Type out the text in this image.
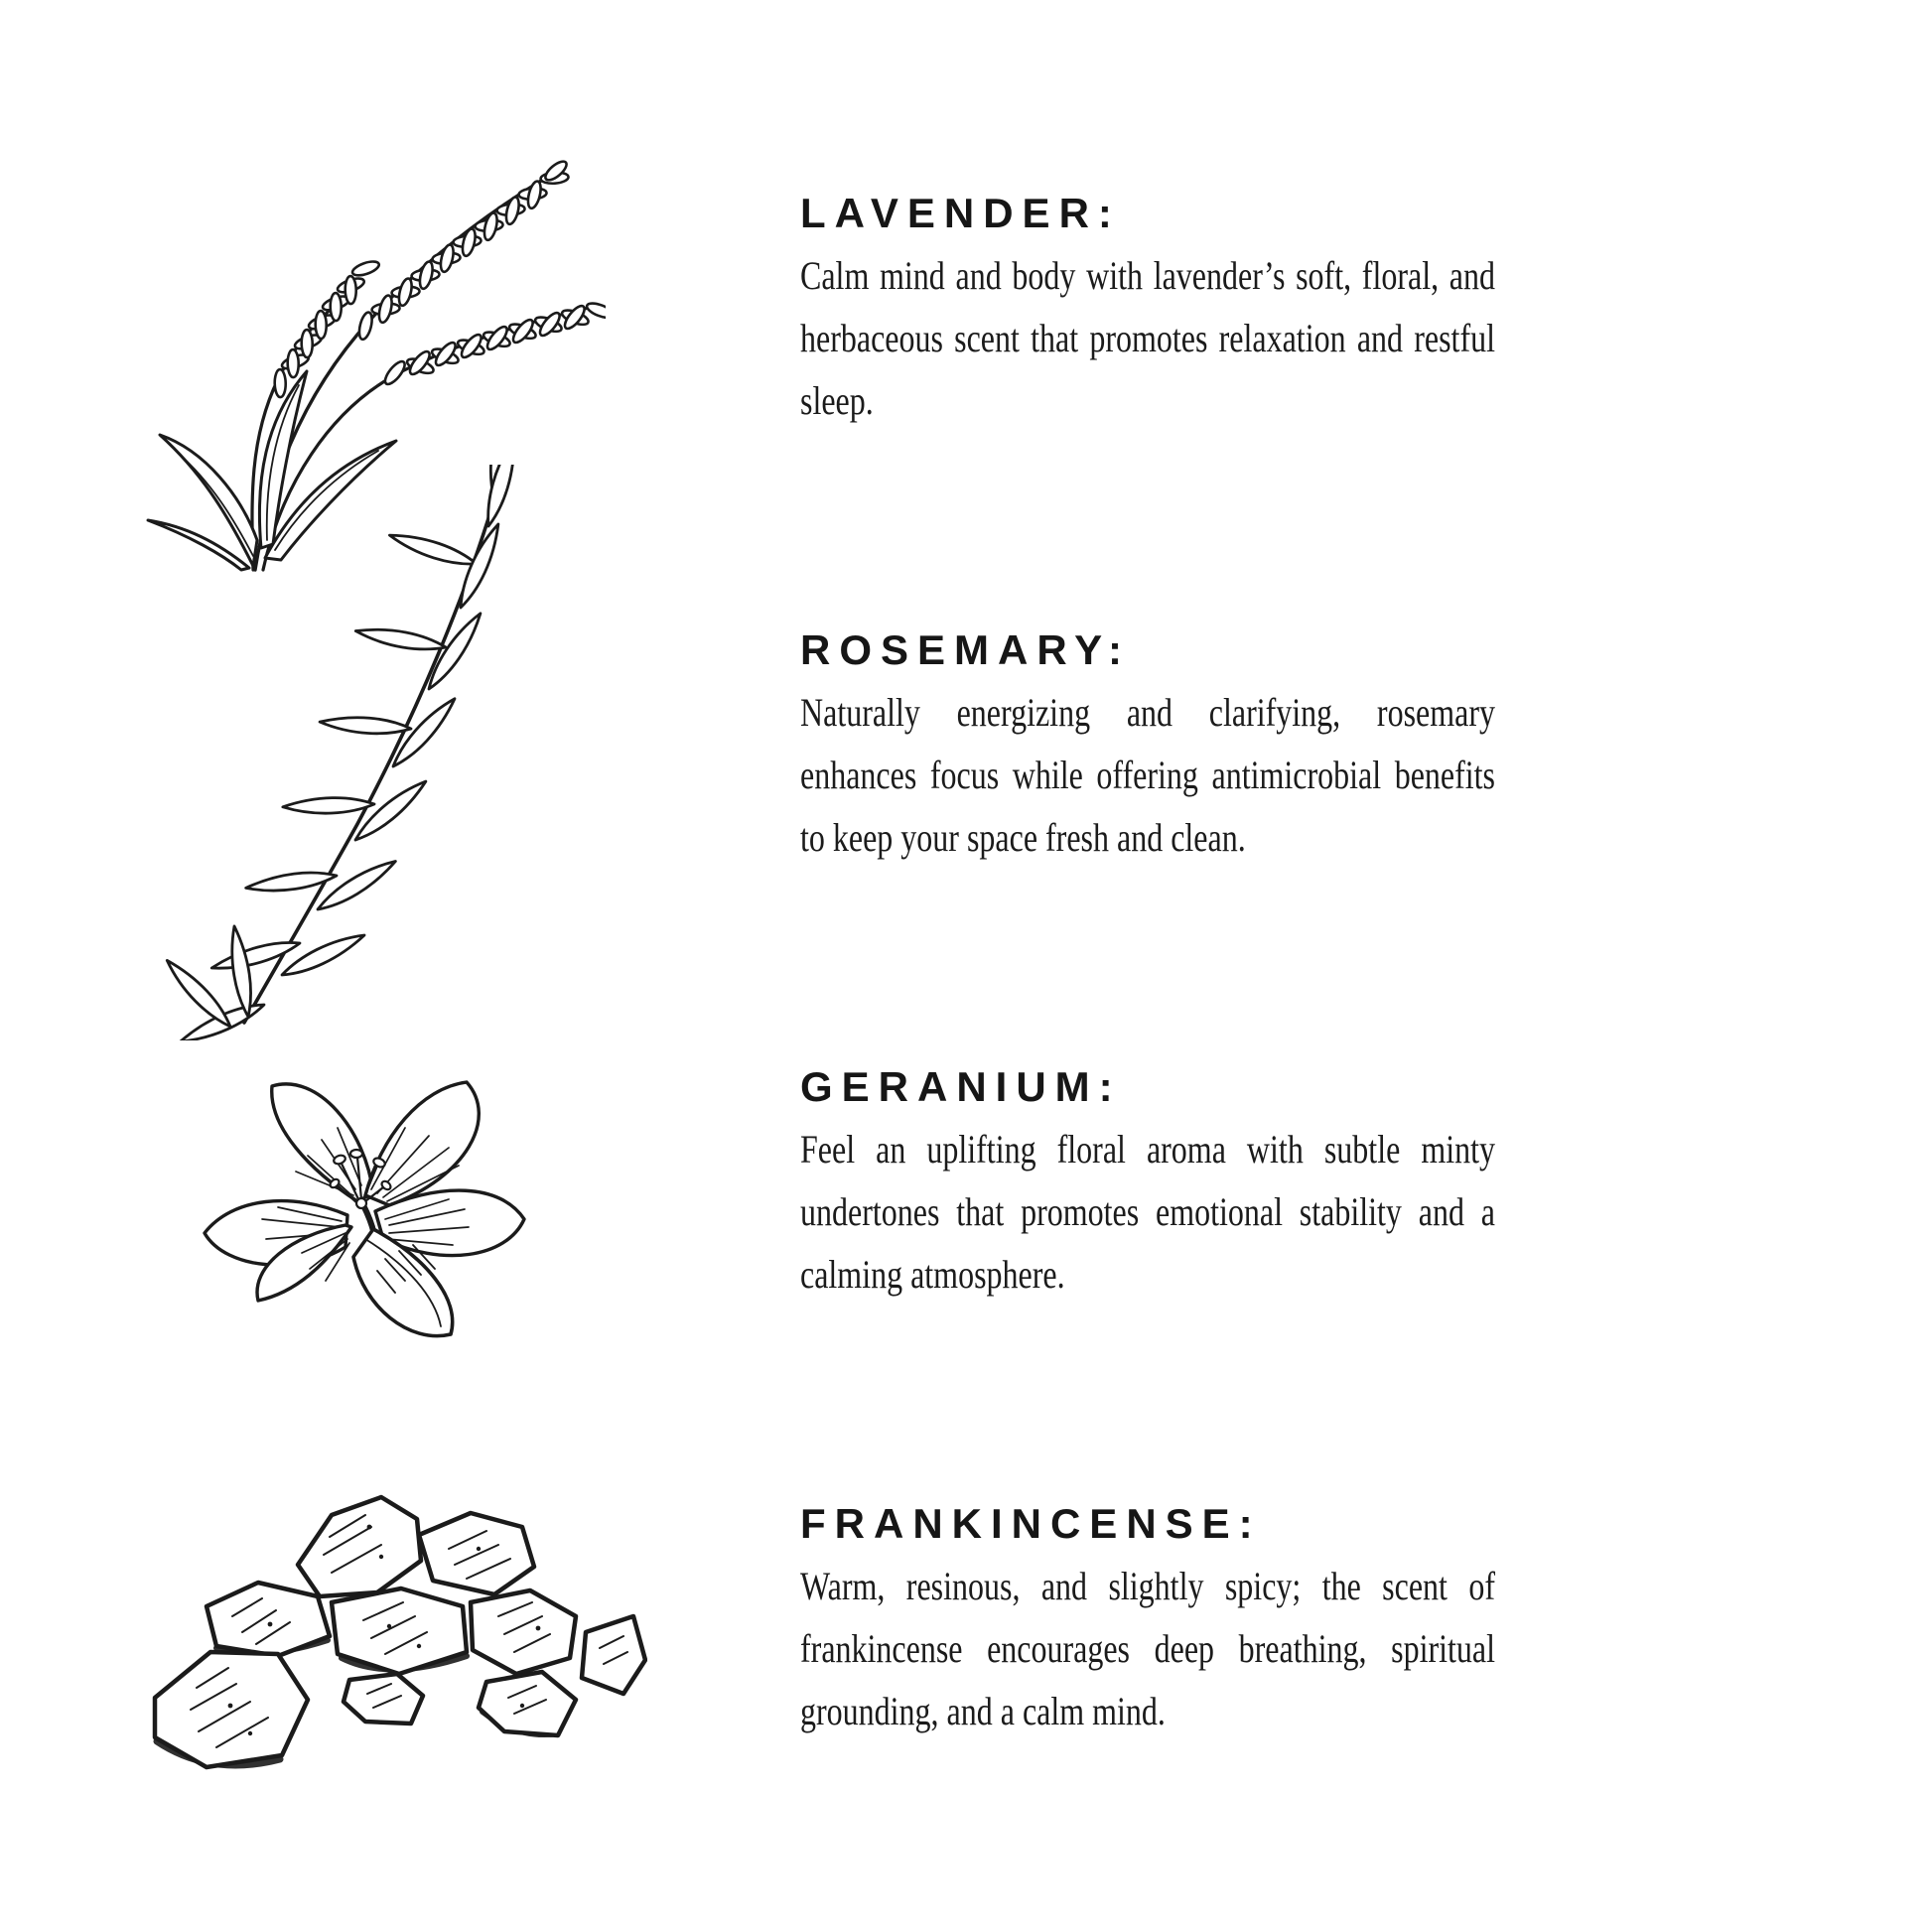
LAVENDER:
Calm mind and body with lavender’s soft, floral, and herbaceous scent that promotes relaxation and restful sleep.
ROSEMARY:
Naturally energizing and clarifying, rosemary enhances focus while offering antimicrobial benefits to keep your space fresh and clean.
GERANIUM:
Feel an uplifting floral aroma with subtle minty undertones that promotes emotional stability and a calming atmosphere.
FRANKINCENSE:
Warm, resinous, and slightly spicy; the scent of frankincense encourages deep breathing, spiritual grounding, and a calm mind.
